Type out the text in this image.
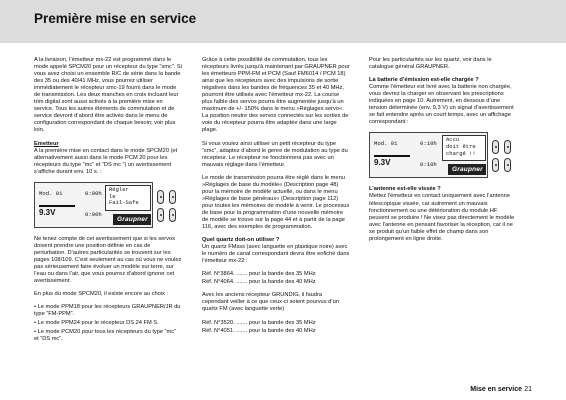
Première mise en service

A la livraison, l’émetteur mx-22 est programmé dans le mode appelé SPCM20 pour un récepteur du type “smc”. Si vous avez choisi un ensemble R/C de série dans la bande des 35 ou des 40/41 MHz, vous pourrez utiliser immédiatement le récepteur smc-19 fourni dans le mode de transmission. Les deux manches en croix incluant leur trim digital sont aussi activés à la première mise en service. Tous les autres éléments de commutation et de service devront d’abord être activés dans le menu de configuration correspondant de chaque besoin; voir plus loin.

Emetteur

A la première mise en contact dans le mode SPCM20 (et alternativement aussi dans le mode PCM 20 pour les récepteurs du type “mc” et “DS mc ”) un avertissement s’affiche durant env. 10 s. :

Mod. 01	0:00h
9.3V	0:00h
Régler
le
Fail-Safe
Graupner

Ne tenez compte de cet avertissement que si les servos doivent prendre une position définie en cas de perturbation. D’autres particularités se trouvent sur les pages 108/109. C’est seulement au cas où vous ne voulez pas sérieusement faire évoluer un modèle sur terre, sur l’eau ou dans l’air, que vous pourrez d’abord ignorer cet avertissement.

En plus du mode SPCM20, il existe encore au choix :

• Le mode PPM18 pour les récepteurs GRAUPNER/JR du type “FM-PPM”.

• Le mode PPM24 pour le récepteur DS 24 FM S.

• Le mode PCM20 pour tous les récepteurs du type “mc” et “DS mc”.

Grâce à cette possibilité de commutation, tous les récepteurs livrés jusqu’à maintenant par GRAUPNER pour les émetteurs PPM-FM et PCM (Sauf FM6014 / PCM 18) ainsi que les récepteurs avec des impulsions de sortie négatives dans les bandes de fréquences 35 et 40 MHz, pourront être utilisés avec l’émetteur mx-22. La course plus faible des servos pourra être augmentée jusqu’à un maximum de +/- 150% dans le menu »Réglages servo«. La position neutre des servos connectés sur les sorties de voie du récepteur pourra être adaptée dans une large plage.

Si vous voulez ainsi utiliser un petit récepteur du type “smc”, adaptez d’abord le genre de modulation au type du récepteur. Le récepteur ne fonctionnera pas avec un mauvais réglage dans l’émetteur.

Le mode de transmission pourra être réglé dans le menu »Réglages de base du modèle« (Description page 48) pour la mémoire de modèle actuelle, ou dans le menu »Réglages de base généraux« (Description page 112) pour toutes les mémoires de modèle à venir. Le processus de base pour la programmation d’une nouvelle mémoire de modèle se trouve sur la page 44 et à partir de la page 116, avec des exemples de programmation.

Quel quartz doit-on utiliser ?

Un quartz FMsss (avec languette en plastique noire) avec le numéro de canal correspondant devra être enfiché dans l’émetteur mx-22 :

Réf. N°3864. ....... pour la bande des 35 MHz

Réf. N°4064. ....... pour la bande des 40 MHz

Avec les anciens récepteur GRUNDIG, il faudra cependant veiller à ce que ceux-ci soient pourvus d’un quartz FM (avec languette verte)

Réf. N°3520. ....... pour la bande des 35 MHz

Réf. N°4051. ....... pour la bande des 40 MHz

Pour les particularités sur les quartz, voir dans le catalogue général GRAUPNER.

La batterie d’émission est-elle chargée ?

Comme l’émetteur est livré avec la batterie non chargée, vous devrez la charger en observant les prescriptions indiquées en page 10. Autrement, en dessous d’une tension déterminée (env. 9,3 V) un signal d’avertissement se fait entendre après un court temps, avec un affichage correspondant :

Mod. 01	0:10h
9.3V	0:10h
Accu
doit être
chargé !!
Graupner
L’antenne est-elle vissée ?

Mettez l’émetteur en contact uniquement avec l’antenne télescopique vissée, car autrement un mauvais fonctionnement ou une détérioration du module HF peuvent se produire ! Ne visez pas directement le modèle avec l’antenne en pensant favoriser la réception, car il ne se produit qu’un faible effet de champ dans son prolongement en ligne droite.

Mise en service 21
